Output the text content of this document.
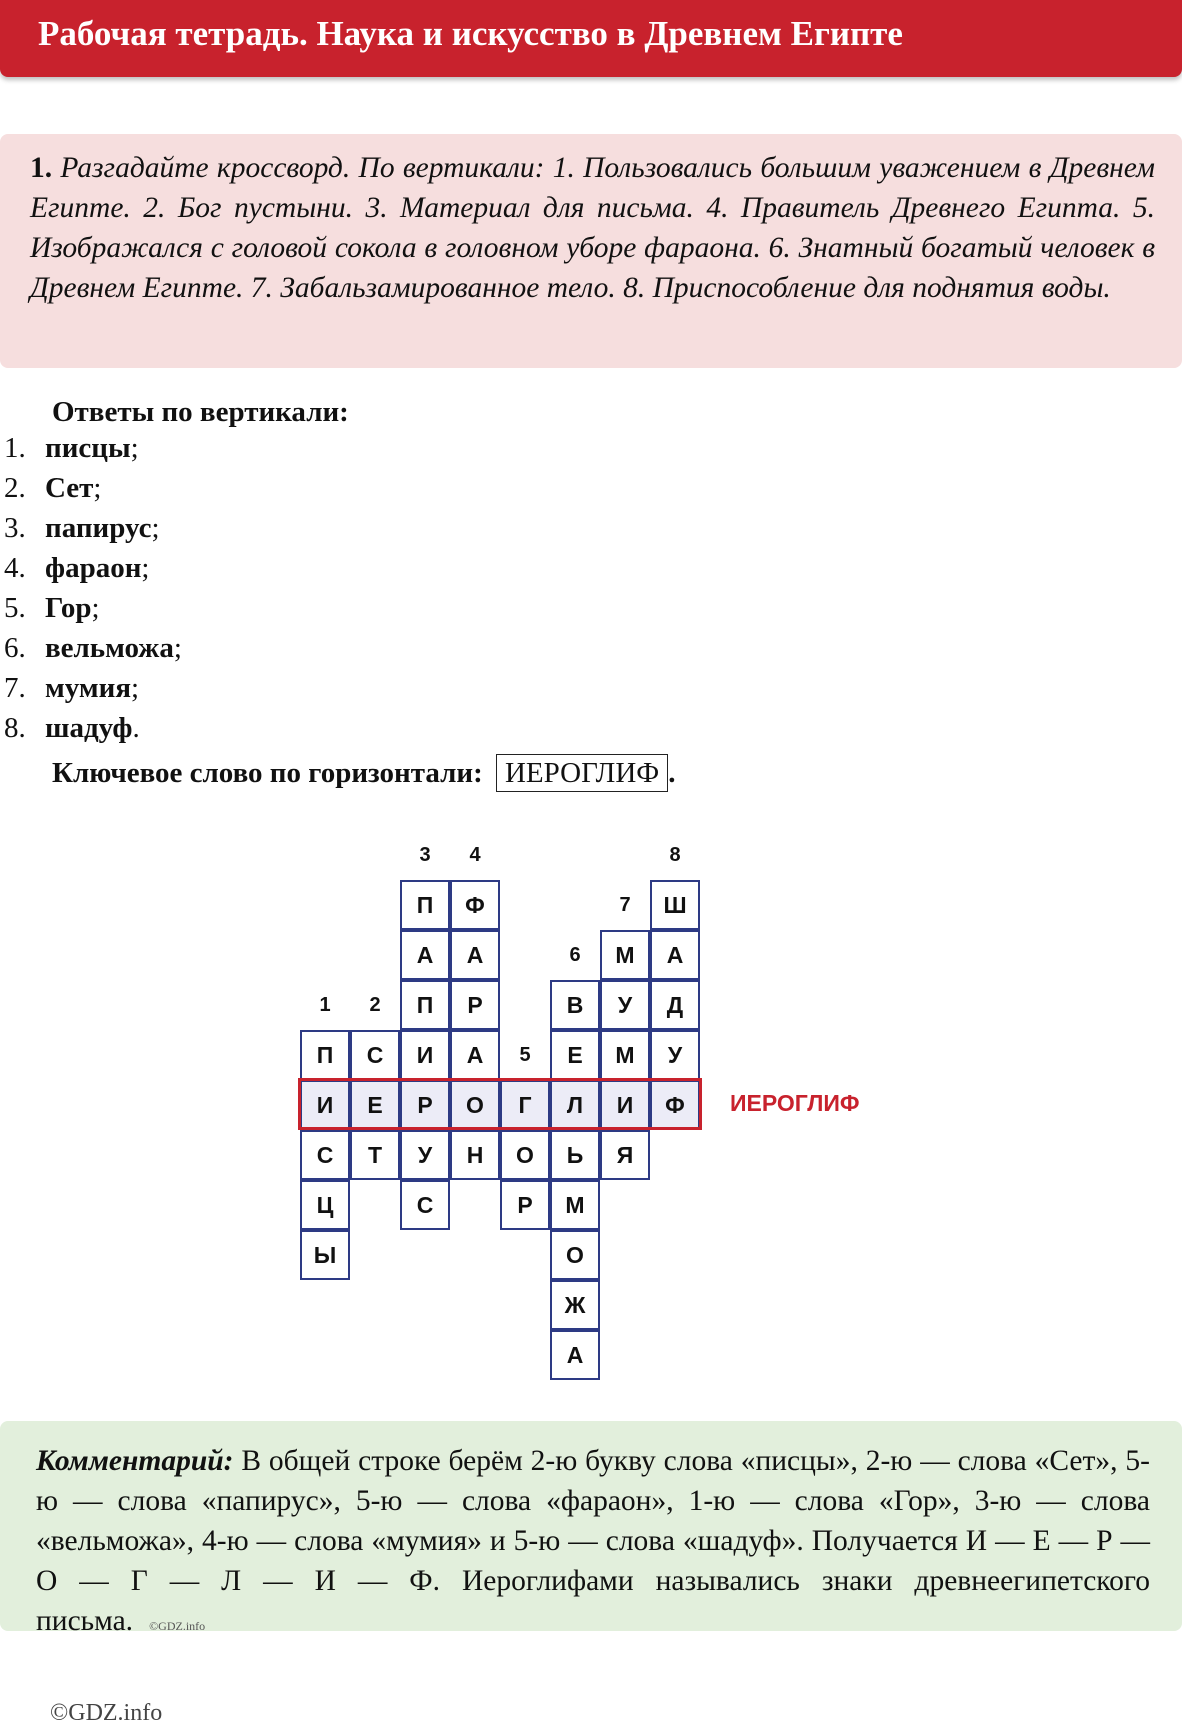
Рабочая тетрадь. Наука и искусство в Древнем Египте
1. Разгадайте кроссворд. По вертикали: 1. Пользовались большим уважением в Древнем Египте. 2. Бог пустыни. 3. Материал для письма. 4. Правитель Древнего Египта. 5. Изображался с головой сокола в головном уборе фараона. 6. Знатный богатый человек в Древнем Египте. 7. Забальзамированное тело. 8. Приспособление для поднятия воды.
Ответы по вертикали:
1. писцы;
2. Сет;
3. папирус;
4. фараон;
5. Гор;
6. вельможа;
7. мумия;
8. шадуф.
Ключевое слово по горизонтали: ИЕРОГЛИФ .
П
И
С
Ц
Ы
1
С
Е
Т
2
П
А
П
И
Р
У
С
3
Ф
А
Р
А
О
Н
4
Г
О
Р
5
В
Е
Л
Ь
М
О
Ж
А
6	М
У
М
И
Я
7	Ш
А
Д
У
Ф
8
ИЕРОГЛИФ
Комментарий: В общей строке берём 2-ю букву слова «писцы», 2-ю — слова «Сет», 5-ю — слова «папирус», 5-ю — слова «фараон», 1-ю — слова «Гор», 3-ю — слова «вельможа», 4-ю — слова «мумия» и 5-ю — слова «шадуф». Получается И — Е — Р — О — Г — Л — И — Ф. Иероглифами назывались знаки древнеегипетского письма. ©GDZ.info
©GDZ.info
